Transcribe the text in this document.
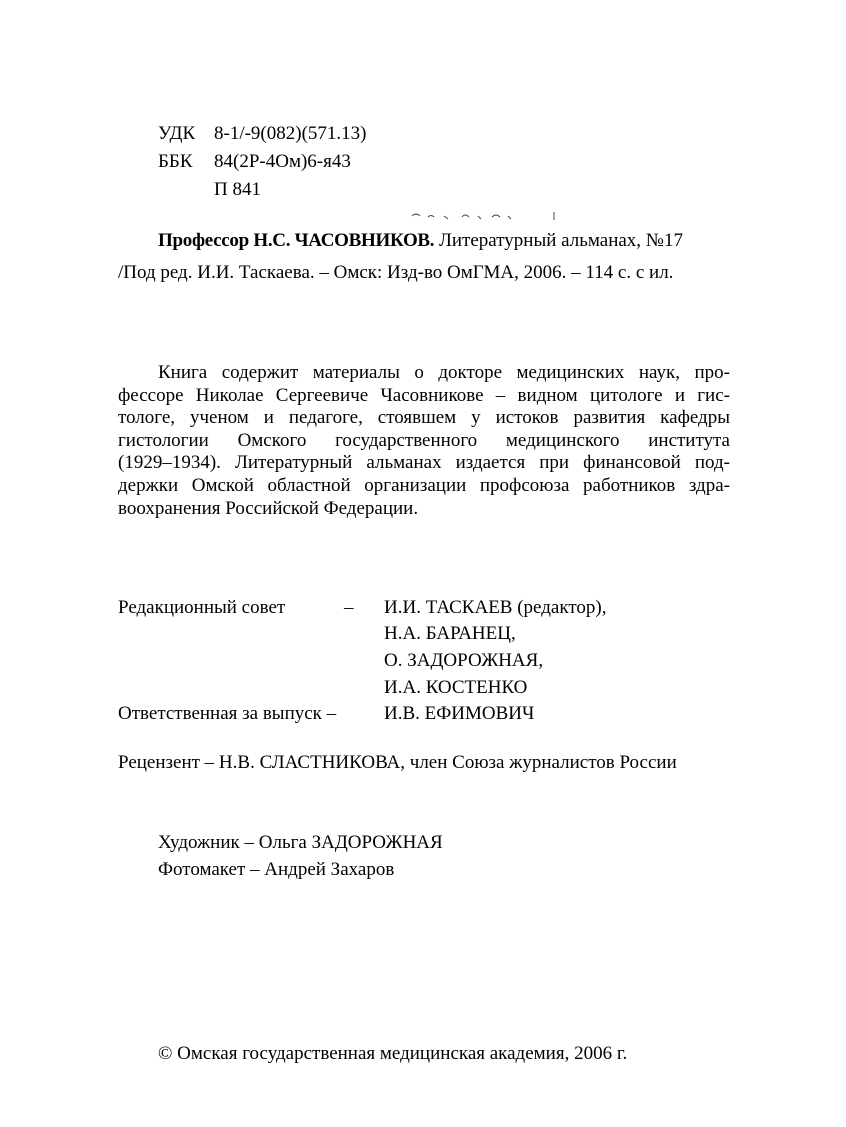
УДК 8-1/-9(082)(571.13)
ББК 84(2Р-4Ом)6-я43
П 841
Профессор Н.С. ЧАСОВНИКОВ. Литературный альманах, №17
/Под ред. И.И. Таскаева. – Омск: Изд-во ОмГМА, 2006. – 114 с. с ил.
Книга содержит материалы о докторе медицинских наук, про-
фессоре Николае Сергеевиче Часовникове – видном цитологе и гис-
тологе, ученом и педагоге, стоявшем у истоков развития кафедры
гистологии Омского государственного медицинского института
(1929–1934). Литературный альманах издается при финансовой под-
держки Омской областной организации профсоюза работников здра-
воохранения Российской Федерации.
Редакционный совет	– И.И. ТАСКАЕВ (редактор),
Н.А. БАРАНЕЦ,
О. ЗАДОРОЖНАЯ,
И.А. КОСТЕНКО
Ответственная за выпуск –	И.В. ЕФИМОВИЧ
Рецензент – Н.В. СЛАСТНИКОВА, член Союза журналистов России
Художник – Ольга ЗАДОРОЖНАЯ
Фотомакет – Андрей Захаров
© Омская государственная медицинская академия, 2006 г.
